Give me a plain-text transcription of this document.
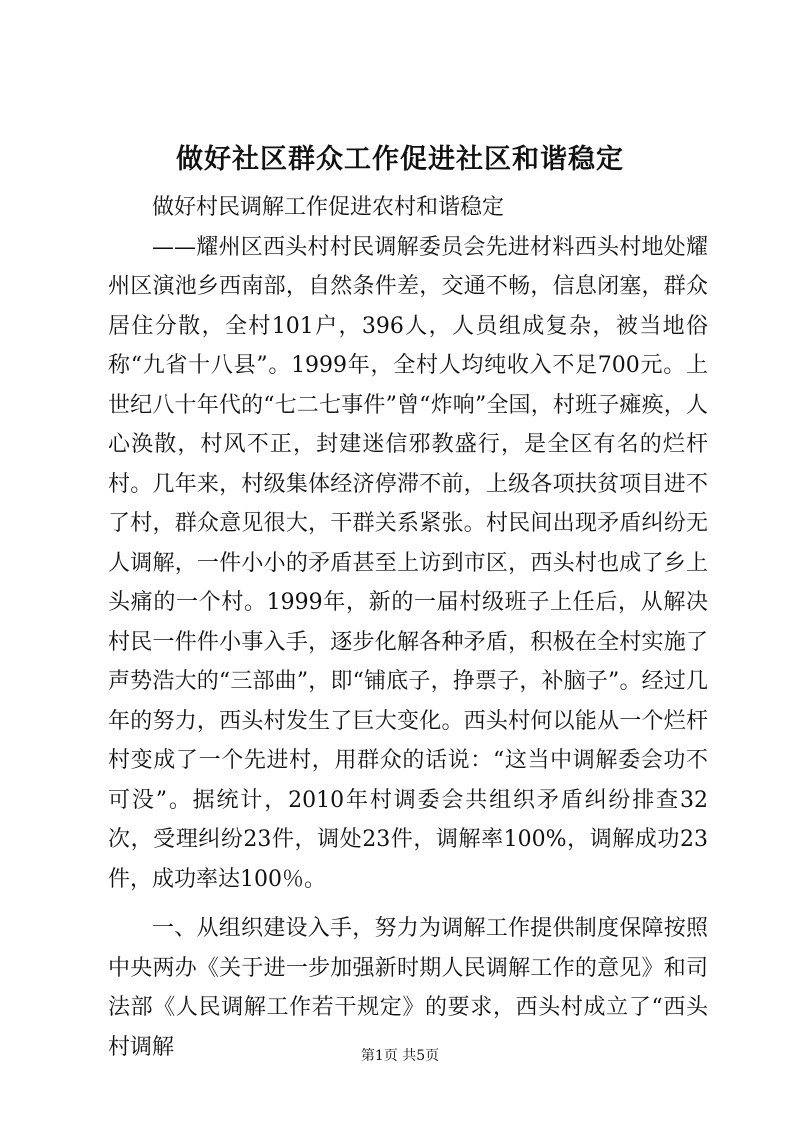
做好社区群众工作促进社区和谐稳定

做好村民调解工作促进农村和谐稳定

——耀州区西头村村民调解委员会先进材料西头村地处耀州区演池乡西南部，自然条件差，交通不畅，信息闭塞，群众居住分散，全村101户，396人，人员组成复杂，被当地俗称“九省十八县”。1999年，全村人均纯收入不足700元。上世纪八十年代的“七二七事件”曾“炸响”全国，村班子瘫痪，人心涣散，村风不正，封建迷信邪教盛行，是全区有名的烂杆村。几年来，村级集体经济停滞不前，上级各项扶贫项目进不了村，群众意见很大，干群关系紧张。村民间出现矛盾纠纷无人调解，一件小小的矛盾甚至上访到市区，西头村也成了乡上头痛的一个村。1999年，新的一届村级班子上任后，从解决村民一件件小事入手，逐步化解各种矛盾，积极在全村实施了声势浩大的“三部曲”，即“铺底子，挣票子，补脑子”。经过几年的努力，西头村发生了巨大变化。西头村何以能从一个烂杆村变成了一个先进村，用群众的话说：“这当中调解委会功不可没”。据统计，2010年村调委会共组织矛盾纠纷排查32次，受理纠纷23件，调处23件，调解率100%，调解成功23件，成功率达100％。

一、从组织建设入手，努力为调解工作提供制度保障按照中央两办《关于进一步加强新时期人民调解工作的意见》和司法部《人民调解工作若干规定》的要求，西头村成立了“西头村调解	第1页 共5页
